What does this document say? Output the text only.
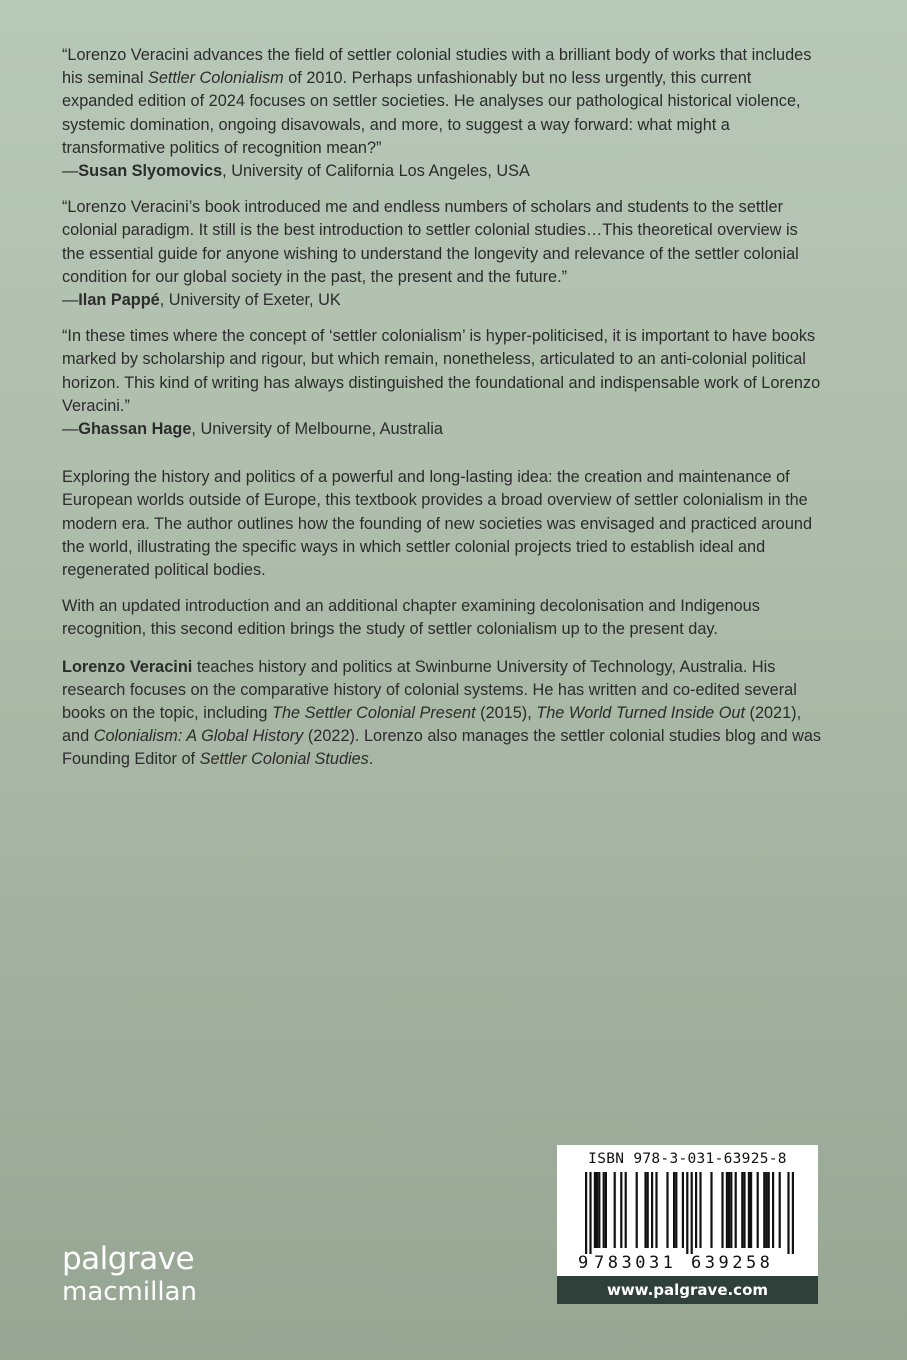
“Lorenzo Veracini advances the field of settler colonial studies with a brilliant body of works that includes his seminal Settler Colonialism of 2010. Perhaps unfashionably but no less urgently, this current expanded edition of 2024 focuses on settler societies. He analyses our pathological historical violence, systemic domination, ongoing disavowals, and more, to suggest a way forward: what might a transformative politics of recognition mean?”

—Susan Slyomovics, University of California Los Angeles, USA

“Lorenzo Veracini’s book introduced me and endless numbers of scholars and students to the settler colonial paradigm. It still is the best introduction to settler colonial studies…This theoretical overview is the essential guide for anyone wishing to understand the longevity and relevance of the settler colonial condition for our global society in the past, the present and the future.”

—Ilan Pappé, University of Exeter, UK

“In these times where the concept of ‘settler colonialism’ is hyper-politicised, it is important to have books marked by scholarship and rigour, but which remain, nonetheless, articulated to an anti-colonial political horizon. This kind of writing has always distinguished the foundational and indispensable work of Lorenzo Veracini.”

—Ghassan Hage, University of Melbourne, Australia

Exploring the history and politics of a powerful and long-lasting idea: the creation and maintenance of European worlds outside of Europe, this textbook provides a broad overview of settler colonialism in the modern era. The author outlines how the founding of new societies was envisaged and practiced around the world, illustrating the specific ways in which settler colonial projects tried to establish ideal and regenerated political bodies.

With an updated introduction and an additional chapter examining decolonisation and Indigenous recognition, this second edition brings the study of settler colonialism up to the present day.

Lorenzo Veracini teaches history and politics at Swinburne University of Technology, Australia. His research focuses on the comparative history of colonial systems. He has written and co-edited several books on the topic, including The Settler Colonial Present (2015), The World Turned Inside Out (2021), and Colonialism: A Global History (2022). Lorenzo also manages the settler colonial studies blog and was Founding Editor of Settler Colonial Studies.

palgrave
macmillan
ISBN 978-3-031-63925-8
9 783031 639258
www.palgrave.com
